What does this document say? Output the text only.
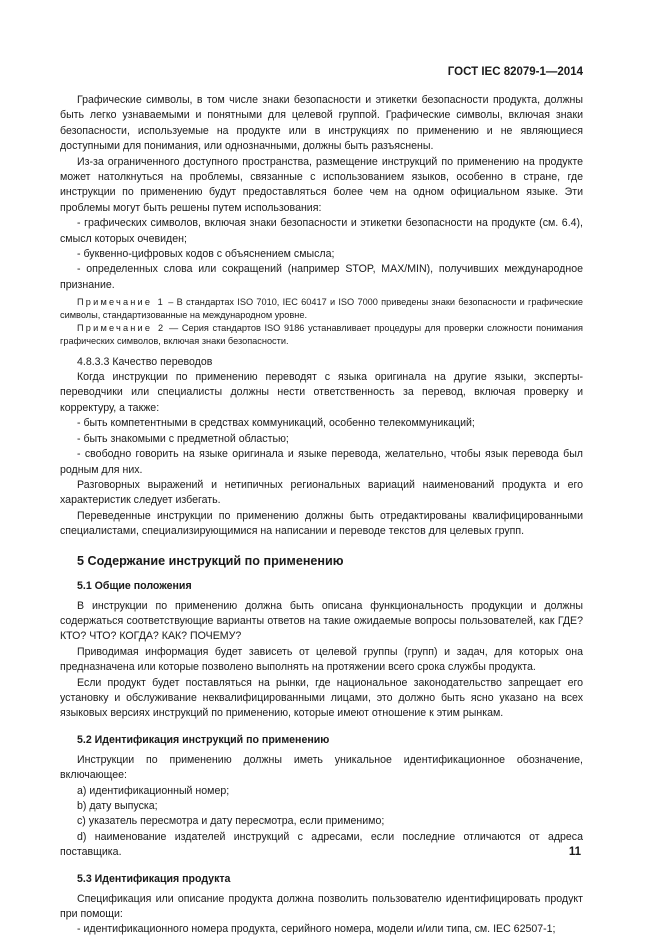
ГОСТ IEC 82079-1—2014

Графические символы, в том числе знаки безопасности и этикетки безопасности продукта, должны быть легко узнаваемыми и понятными для целевой группой. Графические символы, включая знаки безопасности, используемые на продукте или в инструкциях по применению и не являющиеся доступными для понимания, или однозначными, должны быть разъяснены.

Из-за ограниченного доступного пространства, размещение инструкций по применению на продукте может натолкнуться на проблемы, связанные с использованием языков, особенно в стране, где инструкции по применению будут предоставляться более чем на одном официальном языке. Эти проблемы могут быть решены путем использования:

- графических символов, включая знаки безопасности и этикетки безопасности на продукте (см. 6.4), смысл которых очевиден;

- буквенно-цифровых кодов с объяснением смысла;

- определенных слова или сокращений (например STOP, MAX/MIN), получивших международное признание.

Примечание 1 – В стандартах ISO 7010, IEC 60417 и ISO 7000 приведены знаки безопасности и графические символы, стандартизованные на международном уровне.

Примечание 2 — Серия стандартов ISO 9186 устанавливает процедуры для проверки сложности понимания графических символов, включая знаки безопасности.

4.8.3.3 Качество переводов

Когда инструкции по применению переводят с языка оригинала на другие языки, эксперты-переводчики или специалисты должны нести ответственность за перевод, включая проверку и корректуру, а также:

- быть компетентными в средствах коммуникаций, особенно телекоммуникаций;

- быть знакомыми с предметной областью;

- свободно говорить на языке оригинала и языке перевода, желательно, чтобы язык перевода был родным для них.

Разговорных выражений и нетипичных региональных вариаций наименований продукта и его характеристик следует избегать.

Переведенные инструкции по применению должны быть отредактированы квалифицированными специалистами, специализирующимися на написании и переводе текстов для целевых групп.

5 Содержание инструкций по применению
5.1 Общие положения

В инструкции по применению должна быть описана функциональность продукции и должны содержаться соответствующие варианты ответов на такие ожидаемые вопросы пользователей, как ГДЕ? КТО? ЧТО? КОГДА? КАК? ПОЧЕМУ?

Приводимая информация будет зависеть от целевой группы (групп) и задач, для которых она предназначена или которые позволено выполнять на протяжении всего срока службы продукта.

Если продукт будет поставляться на рынки, где национальное законодательство запрещает его установку и обслуживание неквалифицированными лицами, это должно быть ясно указано на всех языковых версиях инструкций по применению, которые имеют отношение к этим рынкам.

5.2 Идентификация инструкций по применению

Инструкции по применению должны иметь уникальное идентификационное обозначение, включающее:

a) идентификационный номер;

b) дату выпуска;

c) указатель пересмотра и дату пересмотра, если применимо;

d) наименование издателей инструкций с адресами, если последние отличаются от адреса поставщика.

5.3 Идентификация продукта

Спецификация или описание продукта должна позволить пользователю идентифицировать продукт при помощи:

- идентификационного номера продукта, серийного номера, модели и/или типа, см. IEC 62507-1;

11
